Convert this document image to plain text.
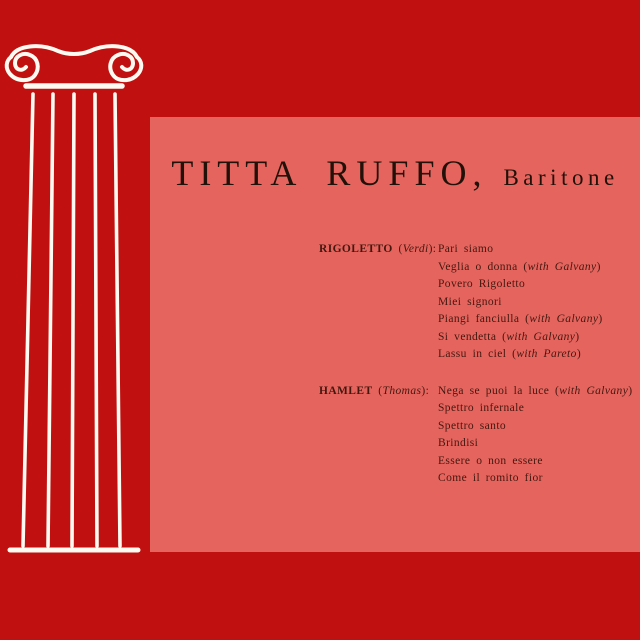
TITTA RUFFO, Baritone
RIGOLETTO (Verdi): Pari siamo
Veglia o donna (with Galvany)
Povero Rigoletto
Miei signori
Piangi fanciulla (with Galvany)
Si vendetta (with Galvany)
Lassu in ciel (with Pareto)
HAMLET (Thomas): Nega se puoi la luce (with Galvany)
Spettro infernale
Spettro santo
Brindisi
Essere o non essere
Come il romito fior
